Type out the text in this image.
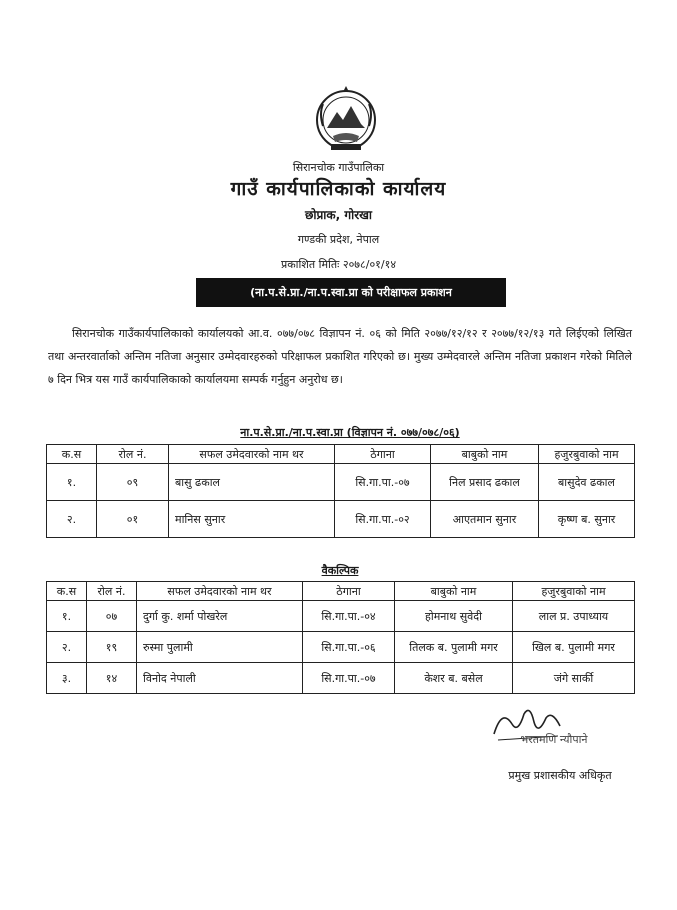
सिरानचोक गाउँपालिका
गाउँ कार्यपालिकाको कार्यालय
छोप्राक, गोरखा
गण्डकी प्रदेश, नेपाल
प्रकाशित मितिः २०७८/०१/१४
(ना.प.से.प्रा./ना.प.स्वा.प्रा को परीक्षाफल प्रकाशन
सिरानचोक गाउँकार्यपालिकाको कार्यालयको आ.व. ०७७/०७८ विज्ञापन नं. ०६ को मिति २०७७/१२/१२ र २०७७/१२/१३ गते लिईएको लिखित तथा अन्तरवार्ताको अन्तिम नतिजा अनुसार उम्मेदवारहरुको परिक्षाफल प्रकाशित गरिएको छ। मुख्य उम्मेदवारले अन्तिम नतिजा प्रकाशन गरेको मितिले ७ दिन भित्र यस गाउँ कार्यपालिकाको कार्यालयमा सम्पर्क गर्नुहुन अनुरोध छ।
ना.प.से.प्रा./ना.प.स्वा.प्रा (विज्ञापन नं. ०७७/०७८/०६)
क.स	रोल नं.	सफल उमेदवारको नाम थर	ठेगाना	बाबुको नाम	हजुरबुवाको नाम
१.	०९	बासु ढकाल	सि.गा.पा.-०७	निल प्रसाद ढकाल	बासुदेव ढकाल
२.	०१	मानिस सुनार	सि.गा.पा.-०२	आएतमान सुनार	कृष्ण ब. सुनार
वैकल्पिक
क.स	रोल नं.	सफल उमेदवारको नाम थर	ठेगाना	बाबुको नाम	हजुरबुवाको नाम
१.	०७	दुर्गा कु. शर्मा पोखरेल	सि.गा.पा.-०४	होमनाथ सुवेदी	लाल प्र. उपाध्याय
२.	१९	रुस्मा पुलामी	सि.गा.पा.-०६	तिलक ब. पुलामी मगर	खिल ब. पुलामी मगर
३.	१४	विनोद नेपाली	सि.गा.पा.-०७	केशर ब. बसेल	जंगे सार्की
भरतमणि न्यौपाने
प्रमुख प्रशासकीय अधिकृत
